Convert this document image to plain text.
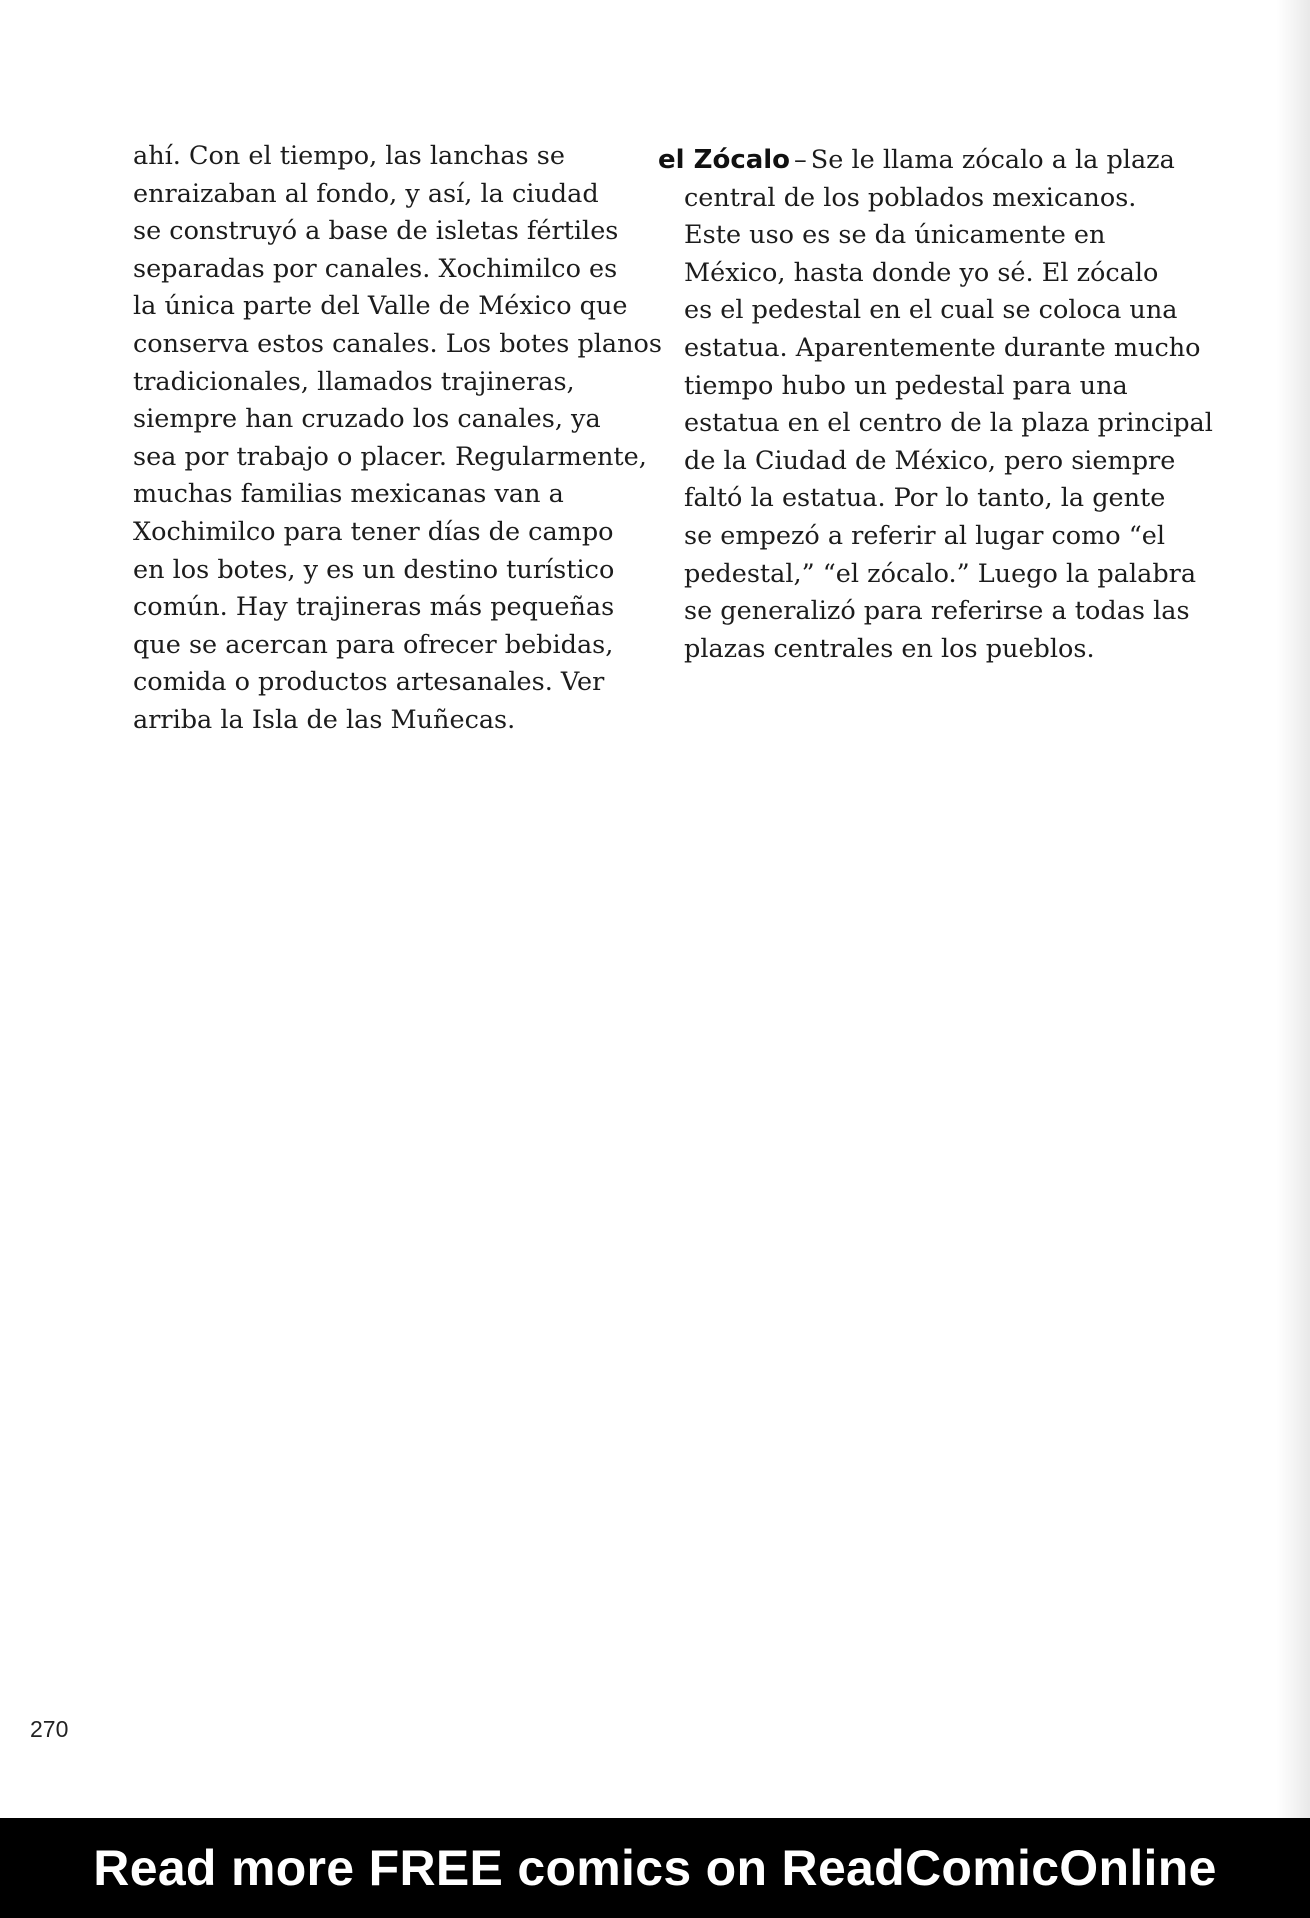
ahí. Con el tiempo, las lanchas se
enraizaban al fondo, y así, la ciudad
se construyó a base de isletas fértiles
separadas por canales. Xochimilco es
la única parte del Valle de México que
conserva estos canales. Los botes planos
tradicionales, llamados trajineras,
siempre han cruzado los canales, ya
sea por trabajo o placer. Regularmente,
muchas familias mexicanas van a
Xochimilco para tener días de campo
en los botes, y es un destino turístico
común. Hay trajineras más pequeñas
que se acercan para ofrecer bebidas,
comida o productos artesanales. Ver
arriba la Isla de las Muñecas.
el Zócalo – Se le llama zócalo a la plaza
central de los poblados mexicanos.
Este uso es se da únicamente en
México, hasta donde yo sé. El zócalo
es el pedestal en el cual se coloca una
estatua. Aparentemente durante mucho
tiempo hubo un pedestal para una
estatua en el centro de la plaza principal
de la Ciudad de México, pero siempre
faltó la estatua. Por lo tanto, la gente
se empezó a referir al lugar como “el
pedestal,” “el zócalo.” Luego la palabra
se generalizó para referirse a todas las
plazas centrales en los pueblos.
270
Read more FREE comics on ReadComicOnline
